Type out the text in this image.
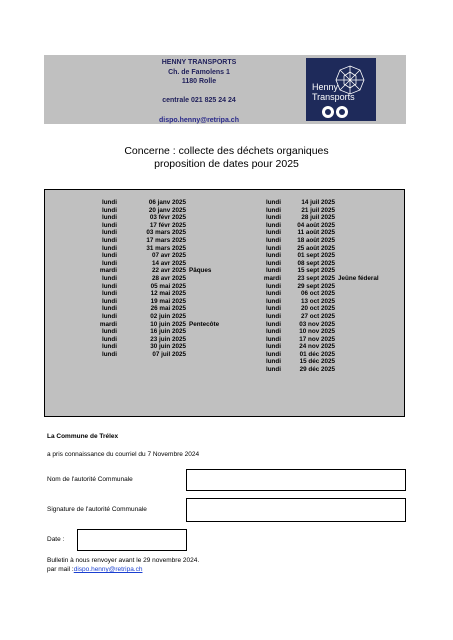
HENNY TRANSPORTS
Ch. de Famolens 1
1180 Rolle

centrale 021 825 24 24

dispo.henny@retripa.ch
Henny
Transports
Concerne : collecte des déchets organiques
proposition de dates pour 2025
lundi	06 janv 2025
lundi	20 janv 2025
lundi	03 févr 2025
lundi	17 févr 2025
lundi	03 mars 2025
lundi	17 mars 2025
lundi	31 mars 2025
lundi	07 avr 2025
lundi	14 avr 2025
mardi	22 avr 2025 Pâques
lundi	28 avr 2025
lundi	05 mai 2025
lundi	12 mai 2025
lundi	19 mai 2025
lundi	26 mai 2025
lundi	02 juin 2025
mardi	10 juin 2025 Pentecôte
lundi	16 juin 2025
lundi	23 juin 2025
lundi	30 juin 2025
lundi	07 juil 2025
lundi	14 juil 2025
lundi	21 juil 2025
lundi	28 juil 2025
lundi	04 août 2025
lundi	11 août 2025
lundi	18 août 2025
lundi	25 août 2025
lundi	01 sept 2025
lundi	08 sept 2025
lundi	15 sept 2025
mardi	23 sept 2025 Jeûne féderal
lundi	29 sept 2025
lundi	06 oct 2025
lundi	13 oct 2025
lundi	20 oct 2025
lundi	27 oct 2025
lundi	03 nov 2025
lundi	10 nov 2025
lundi	17 nov 2025
lundi	24 nov 2025
lundi	01 déc 2025
lundi	15 déc 2025
lundi	29 déc 2025
La Commune de Trélex
a pris connaissance du courriel du 7 Novembre 2024
Nom de l'autorité Communale
Signature de l'autorité Communale
Date :
Bulletin à nous renvoyer avant le 29 novembre 2024.
par mail :dispo.henny@retripa.ch
